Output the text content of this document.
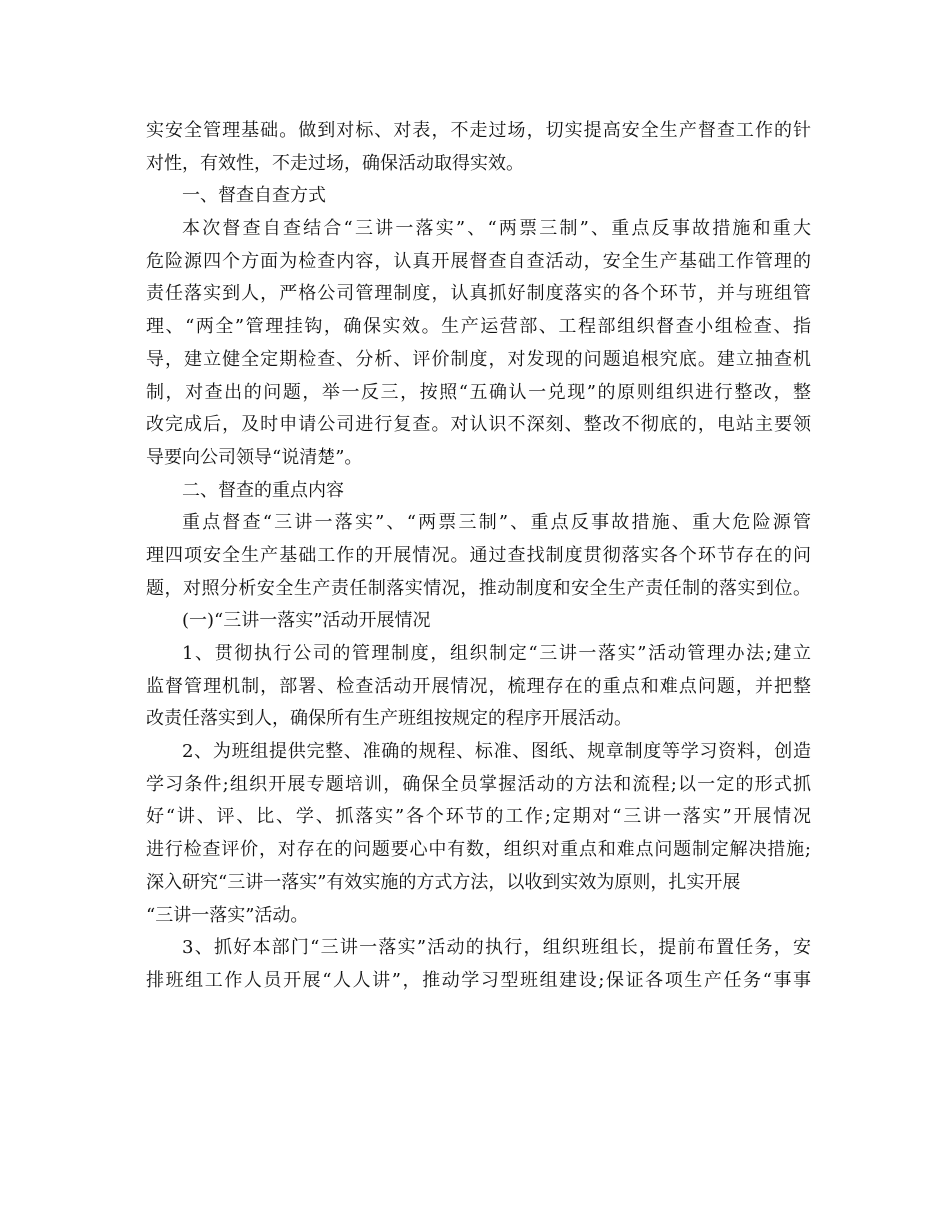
实安全管理基础。做到对标、对表，不走过场，切实提高安全生产督查工作的针
对性，有效性，不走过场，确保活动取得实效。
一、督查自查方式
本次督查自查结合“三讲一落实”、“两票三制”、重点反事故措施和重大
危险源四个方面为检查内容，认真开展督查自查活动，安全生产基础工作管理的
责任落实到人，严格公司管理制度，认真抓好制度落实的各个环节，并与班组管
理、“两全”管理挂钩，确保实效。生产运营部、工程部组织督查小组检查、指
导，建立健全定期检查、分析、评价制度，对发现的问题追根究底。建立抽查机
制，对查出的问题，举一反三，按照“五确认一兑现”的原则组织进行整改，整
改完成后，及时申请公司进行复查。对认识不深刻、整改不彻底的，电站主要领
导要向公司领导“说清楚”。
二、督查的重点内容
重点督查“三讲一落实”、“两票三制”、重点反事故措施、重大危险源管
理四项安全生产基础工作的开展情况。通过查找制度贯彻落实各个环节存在的问
题，对照分析安全生产责任制落实情况，推动制度和安全生产责任制的落实到位。
(一)“三讲一落实”活动开展情况
1、贯彻执行公司的管理制度，组织制定“三讲一落实”活动管理办法;建立
监督管理机制，部署、检查活动开展情况，梳理存在的重点和难点问题，并把整
改责任落实到人，确保所有生产班组按规定的程序开展活动。
2、为班组提供完整、准确的规程、标准、图纸、规章制度等学习资料，创造
学习条件;组织开展专题培训，确保全员掌握活动的方法和流程;以一定的形式抓
好“讲、评、比、学、抓落实”各个环节的工作;定期对“三讲一落实”开展情况
进行检查评价，对存在的问题要心中有数，组织对重点和难点问题制定解决措施;
深入研究“三讲一落实”有效实施的方式方法，以收到实效为原则，扎实开展
“三讲一落实”活动。
3、抓好本部门“三讲一落实”活动的执行，组织班组长，提前布置任务，安
排班组工作人员开展“人人讲”，推动学习型班组建设;保证各项生产任务“事事
